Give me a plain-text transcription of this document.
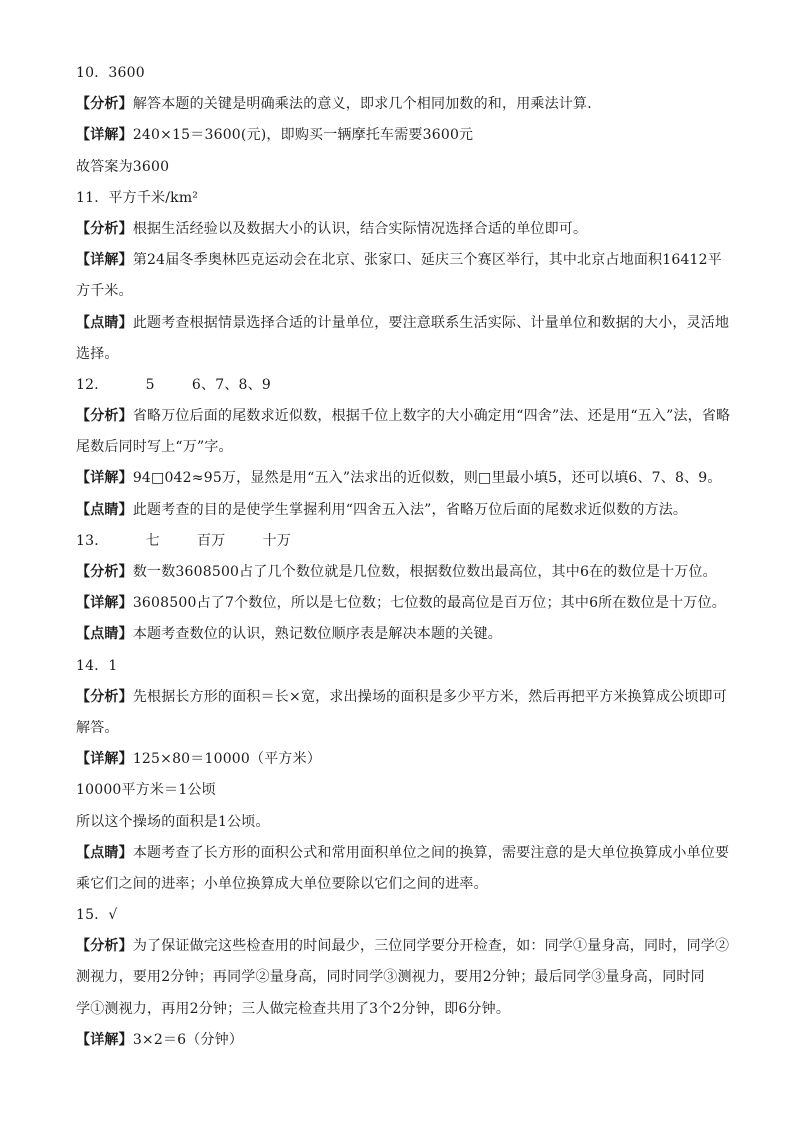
10．3600
【分析】解答本题的关键是明确乘法的意义，即求几个相同加数的和，用乘法计算.
【详解】240×15＝3600(元)，即购买一辆摩托车需要3600元
故答案为3600
11．平方千米/km²
【分析】根据生活经验以及数据大小的认识，结合实际情况选择合适的单位即可。
【详解】第24届冬季奥林匹克运动会在北京、张家口、延庆三个赛区举行，其中北京占地面积16412平
方千米。
【点睛】此题考查根据情景选择合适的计量单位，要注意联系生活实际、计量单位和数据的大小，灵活地
选择。
12．        5        6、7、8、9
【分析】省略万位后面的尾数求近似数，根据千位上数字的大小确定用“四舍”法、还是用“五入”法，省略
尾数后同时写上“万”字。
【详解】94□042≈95万，显然是用“五入”法求出的近似数，则□里最小填5，还可以填6、7、8、9。
【点睛】此题考查的目的是使学生掌握利用“四舍五入法”，省略万位后面的尾数求近似数的方法。
13．        七        百万        十万
【分析】数一数3608500占了几个数位就是几位数，根据数位数出最高位，其中6在的数位是十万位。
【详解】3608500占了7个数位，所以是七位数；七位数的最高位是百万位；其中6所在数位是十万位。
【点睛】本题考查数位的认识，熟记数位顺序表是解决本题的关键。
14．1
【分析】先根据长方形的面积＝长×宽，求出操场的面积是多少平方米，然后再把平方米换算成公顷即可
解答。
【详解】125×80＝10000（平方米）
10000平方米＝1公顷
所以这个操场的面积是1公顷。
【点睛】本题考查了长方形的面积公式和常用面积单位之间的换算，需要注意的是大单位换算成小单位要
乘它们之间的进率；小单位换算成大单位要除以它们之间的进率。
15．√
【分析】为了保证做完这些检查用的时间最少，三位同学要分开检查，如：同学①量身高，同时，同学②
测视力，要用2分钟；再同学②量身高，同时同学③测视力，要用2分钟；最后同学③量身高，同时同
学①测视力，再用2分钟；三人做完检查共用了3个2分钟，即6分钟。
【详解】3×2＝6（分钟）
